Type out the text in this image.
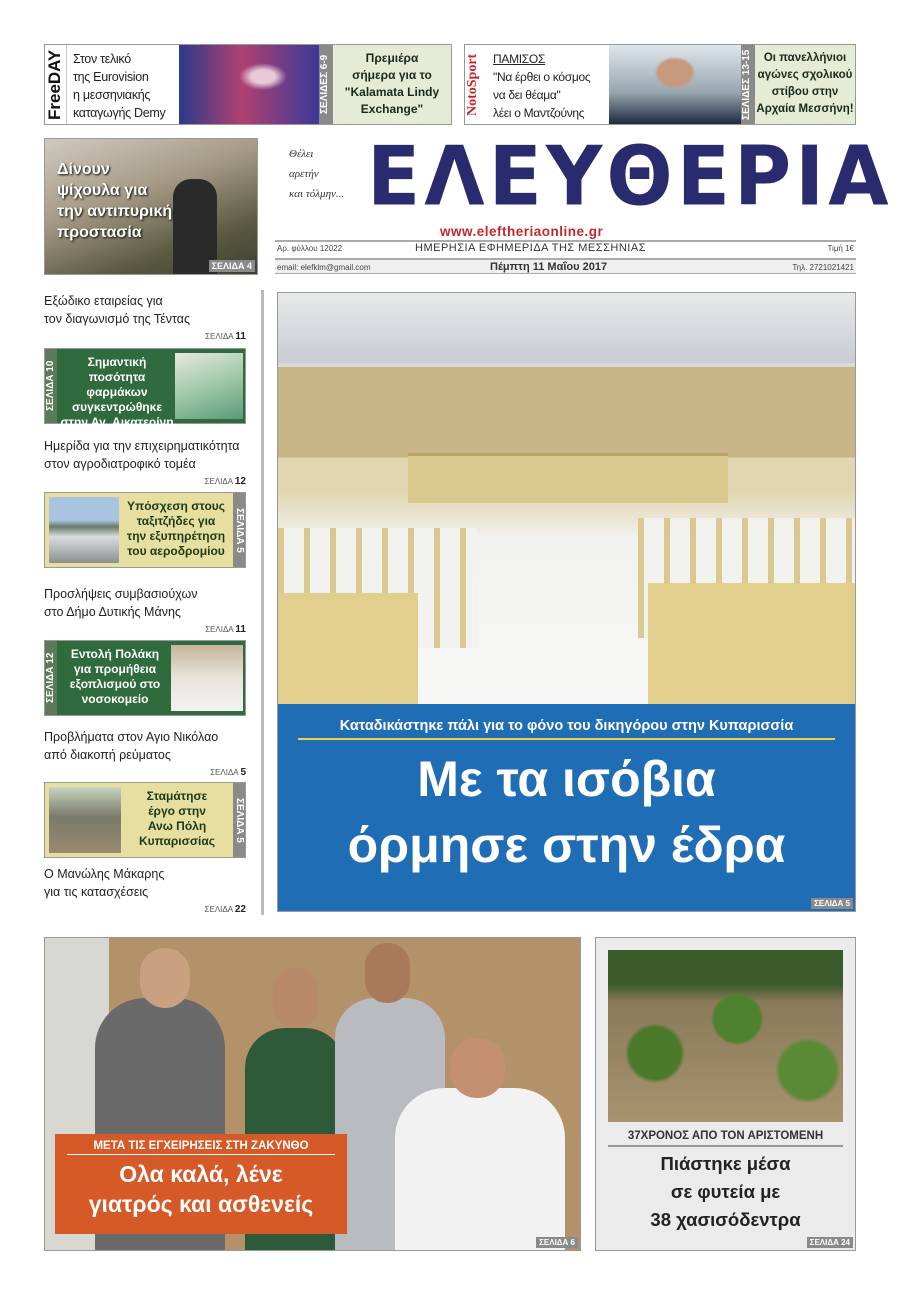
FreeDAY Στον τελικό
της Eurovision
η μεσσηνιακής
καταγωγής Demy	ΣΕΛΙΔΕΣ 6-9	Πρεμιέρα
σήμερα για το
"Kalamata Lindy
Exchange"	NotoSport ΠΑΜΙΣΟΣ
"Να έρθει ο κόσμος
να δει θέαμα"
λέει ο Μαντζούνης	ΣΕΛΙΔΕΣ 13-15	Οι πανελλήνιοι
αγώνες σχολικού
στίβου στην
Αρχαία Μεσσήνη!
Δίνουν
ψίχουλα για
την αντιπυρική
προστασία
ΣΕΛΙΔΑ 4
Θέλει
αρετήν
και τόλμην... ΕΛΕΥΘΕΡΙΑ
www.eleftheriaonline.gr
Αρ. φύλλου 12022	ΗΜΕΡΗΣΙΑ ΕΦΗΜΕΡΙΔΑ ΤΗΣ ΜΕΣΣΗΝΙΑΣ	Τιμή 1€
email: elefklm@gmail.com	Πέμπτη 11 Μαΐου 2017	Τηλ. 2721021421
Εξώδικο εταιρείας για
τον διαγωνισμό της Τέντας
ΣΕΛΙΔΑ 11
ΣΕΛΙΔΑ 10	Σημαντική ποσότητα
φαρμάκων
συγκεντρώθηκε
στην Αγ. Αικατερίνη
Ημερίδα για την επιχειρηματικότητα
στον αγροδιατροφικό τομέα
ΣΕΛΙΔΑ 12
Υπόσχεση στους
ταξιτζήδες για
την εξυπηρέτηση
του αεροδρομίου ΣΕΛΙΔΑ 5
Προσλήψεις συμβασιούχων
στο Δήμο Δυτικής Μάνης
ΣΕΛΙΔΑ 11
ΣΕΛΙΔΑ 12	Εντολή Πολάκη
για προμήθεια
εξοπλισμού στο
νοσοκομείο
Προβλήματα στον Αγιο Νικόλαο
από διακοπή ρεύματος
ΣΕΛΙΔΑ 5
Σταμάτησε
έργο στην
Ανω Πόλη
Κυπαρισσίας	ΣΕΛΙΔΑ 5
Ο Μανώλης Μάκαρης
για τις κατασχέσεις
ΣΕΛΙΔΑ 22
Καταδικάστηκε πάλι για το φόνο του δικηγόρου στην Κυπαρισσία
Με τα ισόβια
όρμησε στην έδρα
ΣΕΛΙΔΑ 5
ΜΕΤΑ ΤΙΣ ΕΓΧΕΙΡΗΣΕΙΣ ΣΤΗ ΖΑΚΥΝΘΟ
Ολα καλά, λένε
γιατρός και ασθενείς
ΣΕΛΙΔΑ 6
37ΧΡΟΝΟΣ ΑΠΟ ΤΟΝ ΑΡΙΣΤΟΜΕΝΗ
Πιάστηκε μέσα
σε φυτεία με
38 χασισόδεντρα
ΣΕΛΙΔΑ 24
